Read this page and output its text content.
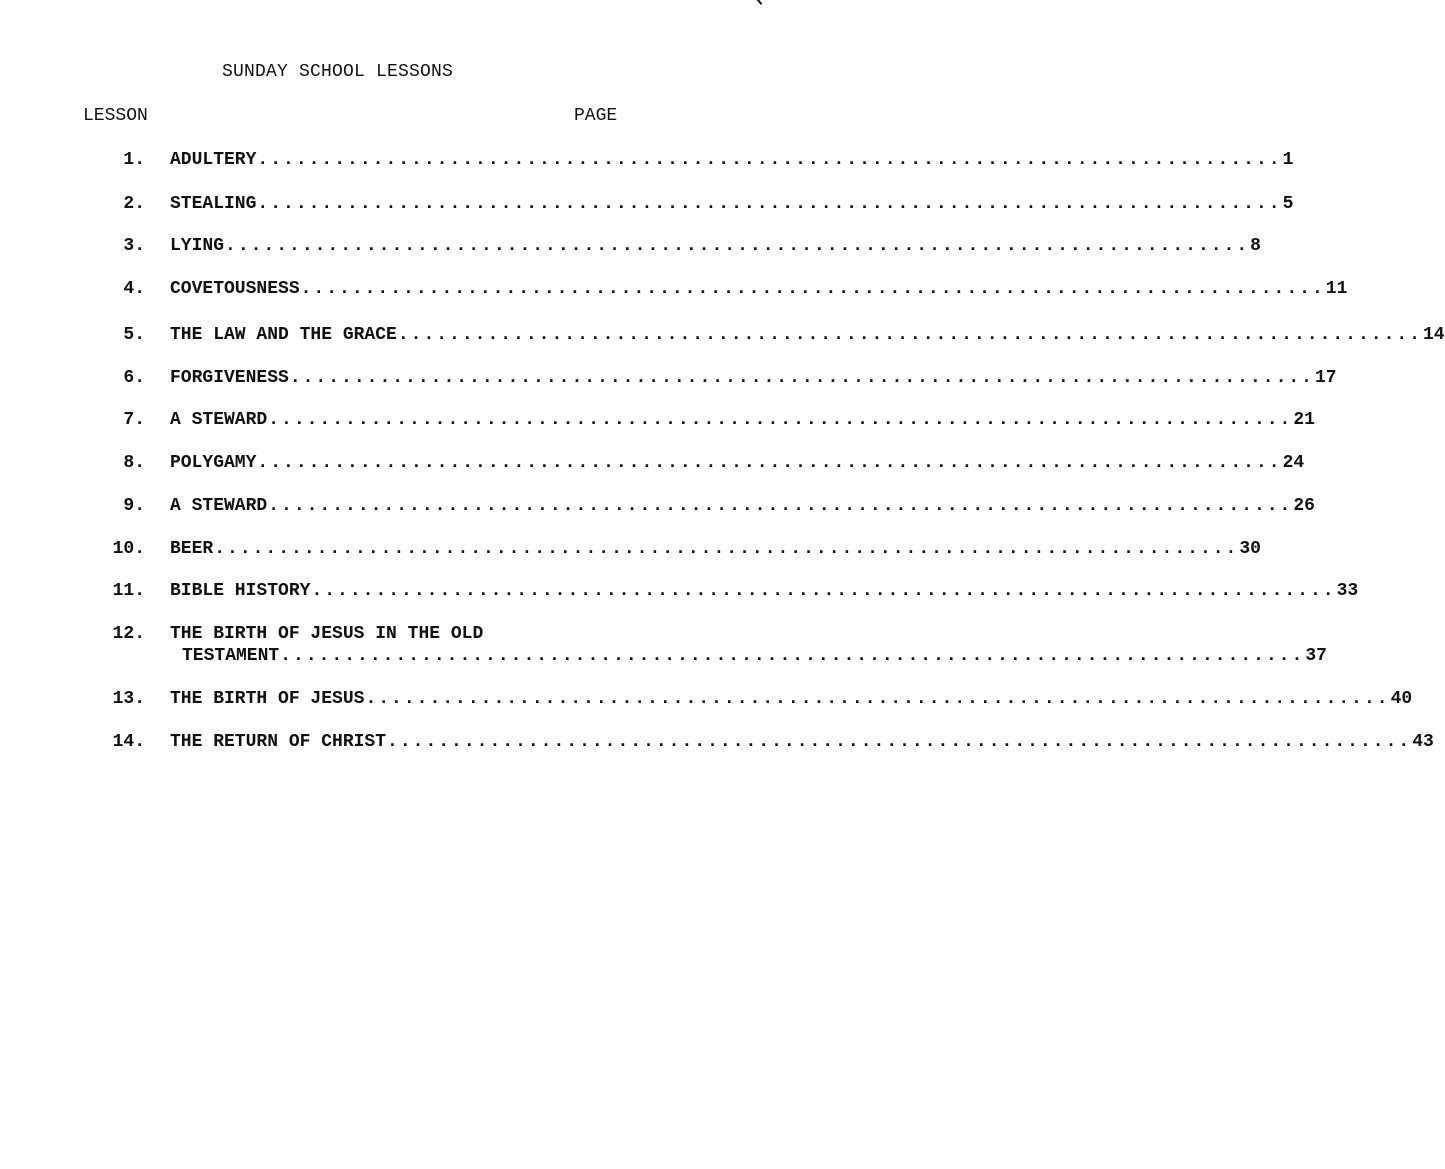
SUNDAY SCHOOL LESSONS
LESSON	PAGE
1. ADULTERY ................................................................................ 1
2. STEALING ................................................................................ 5
3. LYING ................................................................................ 8
4. COVETOUSNESS ................................................................................ 11
5. THE LAW AND THE GRACE ................................................................................ 14
6. FORGIVENESS ................................................................................ 17
7. A STEWARD ................................................................................ 21
8. POLYGAMY ................................................................................ 24
9. A STEWARD ................................................................................ 26
10. BEER ................................................................................ 30
11. BIBLE HISTORY ................................................................................ 33
12. THE BIRTH OF JESUS IN THE OLD
TESTAMENT ................................................................................ 37
13. THE BIRTH OF JESUS ................................................................................ 40
14. THE RETURN OF CHRIST ................................................................................ 43
